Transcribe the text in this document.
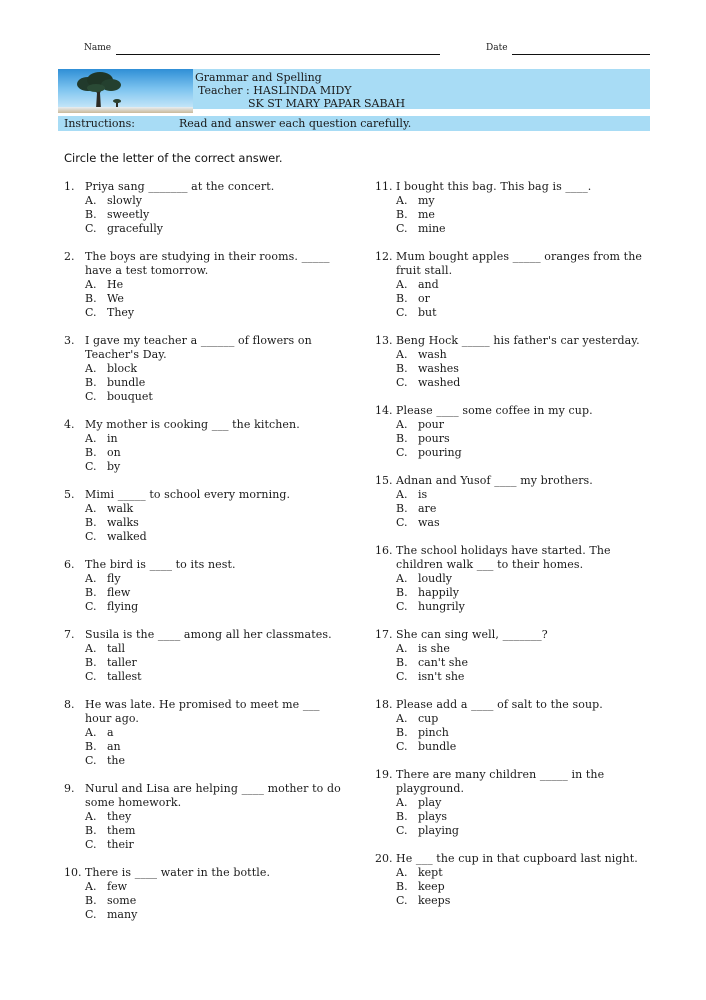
Name	Date
Grammar and Spelling
Teacher : HASLINDA MIDY
SK ST MARY PAPAR SABAH
Instructions:	Read and answer each question carefully.
Circle the letter of the correct answer.
1. Priya sang _______ at the concert.
A. slowly
B. sweetly
C. gracefully
2. The boys are studying in their rooms. _____ have a test tomorrow.
A. He
B. We
C. They
3. I gave my teacher a ______ of flowers on Teacher's Day.
A. block
B. bundle
C. bouquet
4. My mother is cooking ___ the kitchen.
A. in
B. on
C. by
5. Mimi _____ to school every morning.
A. walk
B. walks
C. walked
6. The bird is ____ to its nest.
A. fly
B. flew
C. flying
7. Susila is the ____ among all her classmates.
A. tall
B. taller
C. tallest
8. He was late. He promised to meet me ___ hour ago.
A. a
B. an
C. the
9. Nurul and Lisa are helping ____ mother to do some homework.
A. they
B. them
C. their
10. There is ____ water in the bottle.
A. few
B. some
C. many
11. I bought this bag. This bag is ____.
A. my
B. me
C. mine
12. Mum bought apples _____ oranges from the fruit stall.
A. and
B. or
C. but
13. Beng Hock _____ his father's car yesterday.
A. wash
B. washes
C. washed
14. Please ____ some coffee in my cup.
A. pour
B. pours
C. pouring
15. Adnan and Yusof ____ my brothers.
A. is
B. are
C. was
16. The school holidays have started. The children walk ___ to their homes.
A. loudly
B. happily
C. hungrily
17. She can sing well, _______?
A. is she
B. can't she
C. isn't she
18. Please add a ____ of salt to the soup.
A. cup
B. pinch
C. bundle
19. There are many children _____ in the playground.
A. play
B. plays
C. playing
20. He ___ the cup in that cupboard last night.
A. kept
B. keep
C. keeps
